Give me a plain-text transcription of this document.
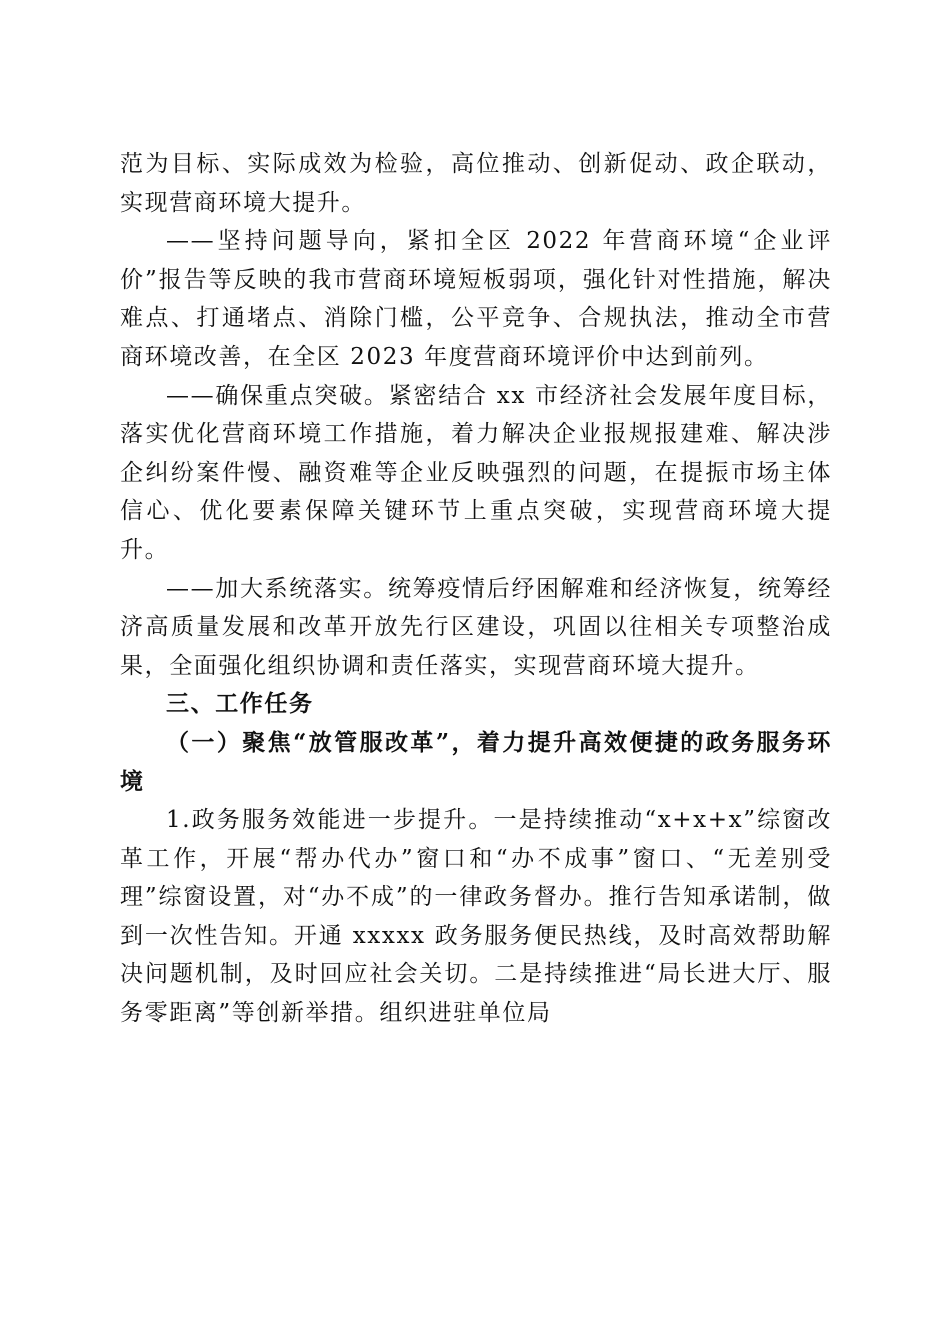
范为目标、实际成效为检验，高位推动、创新促动、政企联动，实现营商环境大提升。

——坚持问题导向，紧扣全区 2022 年营商环境“企业评价”报告等反映的我市营商环境短板弱项，强化针对性措施，解决难点、打通堵点、消除门槛，公平竞争、合规执法，推动全市营商环境改善，在全区 2023 年度营商环境评价中达到前列。

——确保重点突破。紧密结合 xx 市经济社会发展年度目标，落实优化营商环境工作措施，着力解决企业报规报建难、解决涉企纠纷案件慢、融资难等企业反映强烈的问题，在提振市场主体信心、优化要素保障关键环节上重点突破，实现营商环境大提升。

——加大系统落实。统筹疫情后纾困解难和经济恢复，统筹经济高质量发展和改革开放先行区建设，巩固以往相关专项整治成果，全面强化组织协调和责任落实，实现营商环境大提升。

三、工作任务

（一）聚焦“放管服改革”，着力提升高效便捷的政务服务环境

1.政务服务效能进一步提升。一是持续推动“x+x+x”综窗改革工作，开展“帮办代办”窗口和“办不成事”窗口、“无差别受理”综窗设置，对“办不成”的一律政务督办。推行告知承诺制，做到一次性告知。开通 xxxxx 政务服务便民热线，及时高效帮助解决问题机制，及时回应社会关切。二是持续推进“局长进大厅、服务零距离”等创新举措。组织进驻单位局
